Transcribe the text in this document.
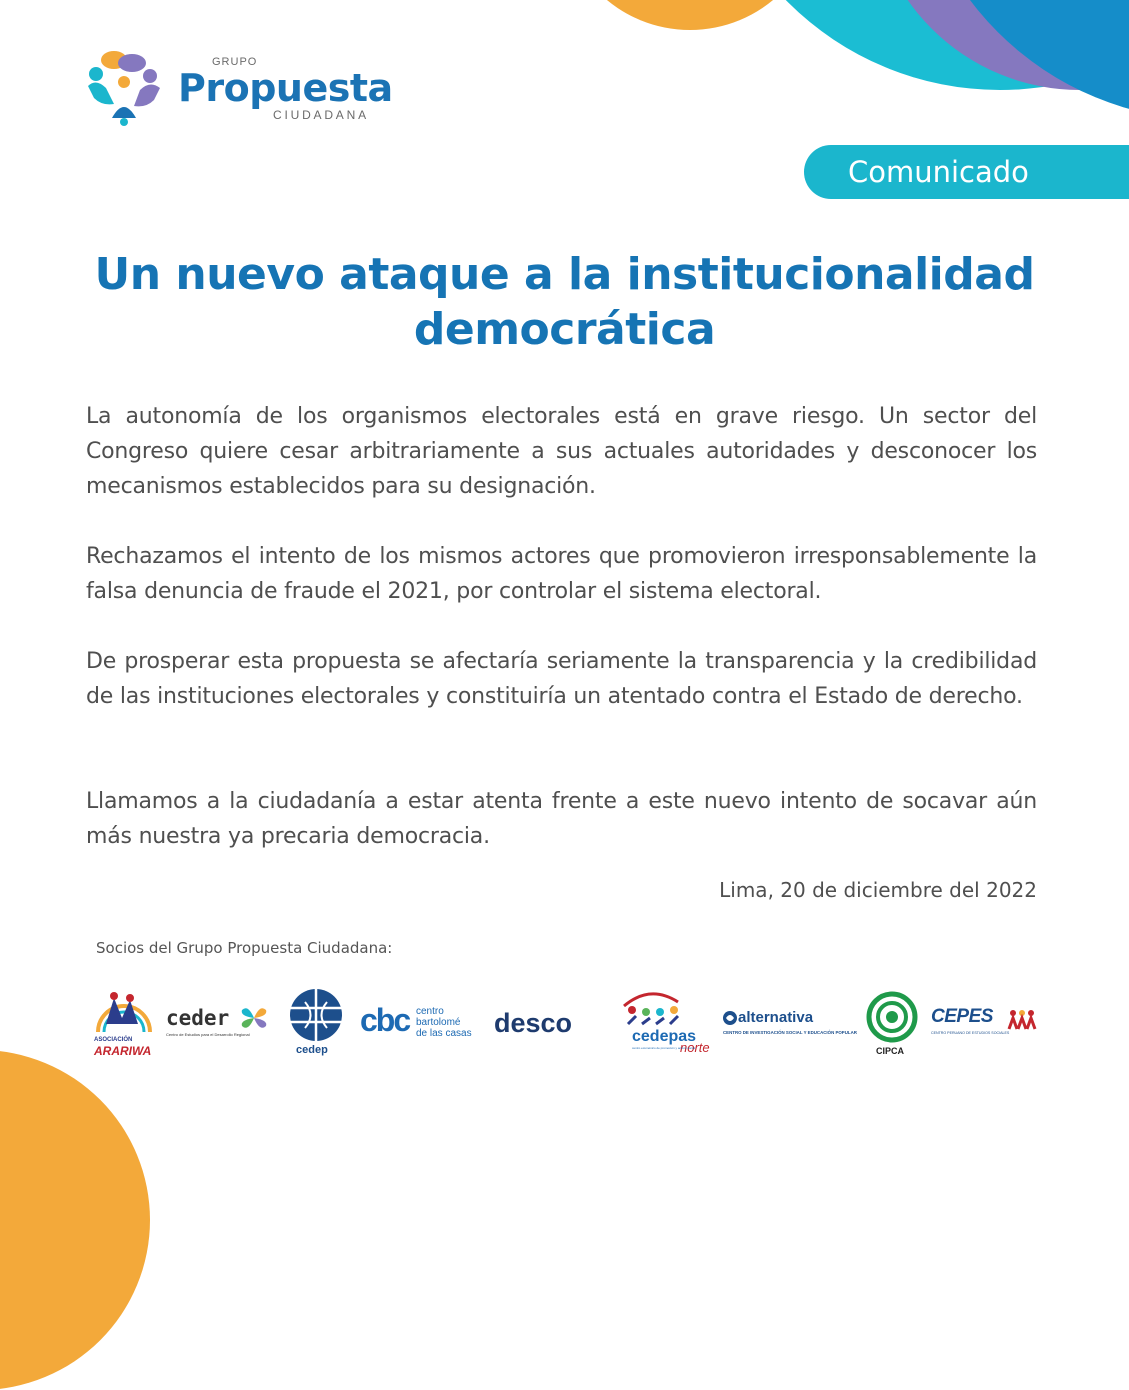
GRUPO
Propuesta
CIUDADANA
Comunicado
Un nuevo ataque a la institucionalidad
democrática

La autonomía de los organismos electorales está en grave riesgo. Un sector del Congreso quiere cesar arbitrariamente a sus actuales autoridades y desconocer los mecanismos establecidos para su designación.

Rechazamos el intento de los mismos actores que promovieron irresponsablemente la falsa denuncia de fraude el 2021, por controlar el sistema electoral.

De prosperar esta propuesta se afectaría seriamente la transparencia y la credibilidad de las instituciones electorales y constituiría un atentado contra el Estado de derecho.

Llamamos a la ciudadanía a estar atenta frente a este nuevo intento de socavar aún más nuestra ya precaria democracia.

Lima, 20 de diciembre del 2022
Socios del Grupo Propuesta Ciudadana:
ASOCIACIÓN
ARARIWA
ceder
Centro de Estudios para el Desarrollo Regional
cedep
cbc centro
bartolomé
de las casas desco	cedepas
norte
centro ecuménico de promoción y acción social
alternativa
CENTRO DE INVESTIGACIÓN SOCIAL Y EDUCACIÓN POPULAR
CIPCA
CEPES
CENTRO PERUANO DE ESTUDIOS SOCIALES
